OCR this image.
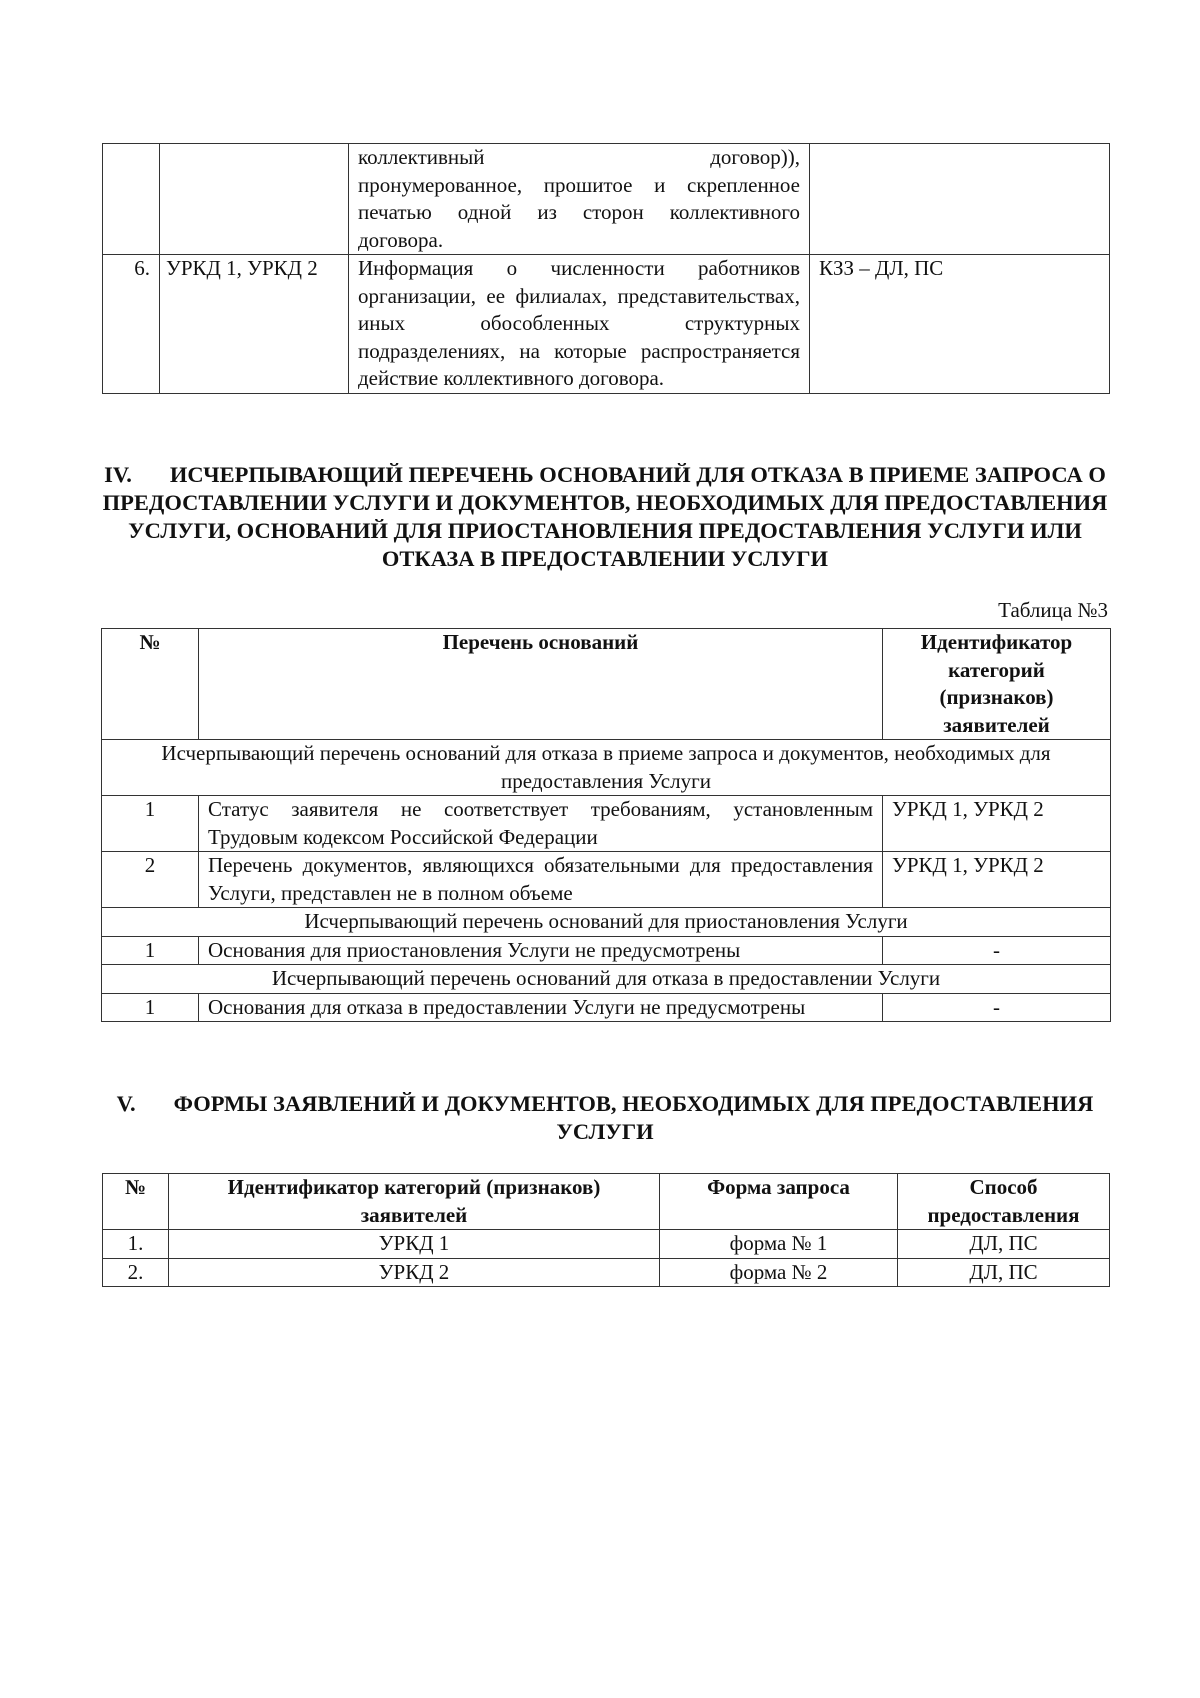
		коллективный договор)),
пронумерованное, прошитое и скрепленное печатью одной из сторон коллективного договора.	

6.	УРКД 1, УРКД 2	Информация о численности работников организации, ее филиалах, представительствах, иных обособленных структурных подразделениях, на которые распространяется действие коллективного договора.	КЗЗ – ДЛ, ПС
IV. ИСЧЕРПЫВАЮЩИЙ ПЕРЕЧЕНЬ ОСНОВАНИЙ ДЛЯ ОТКАЗА В ПРИЕМЕ ЗАПРОСА О ПРЕДОСТАВЛЕНИИ УСЛУГИ И ДОКУМЕНТОВ, НЕОБХОДИМЫХ ДЛЯ ПРЕДОСТАВЛЕНИЯ УСЛУГИ, ОСНОВАНИЙ ДЛЯ ПРИОСТАНОВЛЕНИЯ ПРЕДОСТАВЛЕНИЯ УСЛУГИ ИЛИ ОТКАЗА В ПРЕДОСТАВЛЕНИИ УСЛУГИ
Таблица №3
№	Перечень оснований	Идентификатор категорий (признаков) заявителей
Исчерпывающий перечень оснований для отказа в приеме запроса и документов, необходимых для предоставления Услуги		
1	Статус заявителя не соответствует требованиям, установленным Трудовым кодексом Российской Федерации	УРКД 1, УРКД 2
2	Перечень документов, являющихся обязательными для предоставления Услуги, представлен не в полном объеме	УРКД 1, УРКД 2
Исчерпывающий перечень оснований для приостановления Услуги		
1	Основания для приостановления Услуги не предусмотрены	-
Исчерпывающий перечень оснований для отказа в предоставлении Услуги		
1	Основания для отказа в предоставлении Услуги не предусмотрены	-
V. ФОРМЫ ЗАЯВЛЕНИЙ И ДОКУМЕНТОВ, НЕОБХОДИМЫХ ДЛЯ ПРЕДОСТАВЛЕНИЯ УСЛУГИ
№	Идентификатор категорий (признаков) заявителей	Форма запроса	Способ предоставления
1.	УРКД 1	форма № 1	ДЛ, ПС
2.	УРКД 2	форма № 2	ДЛ, ПС
